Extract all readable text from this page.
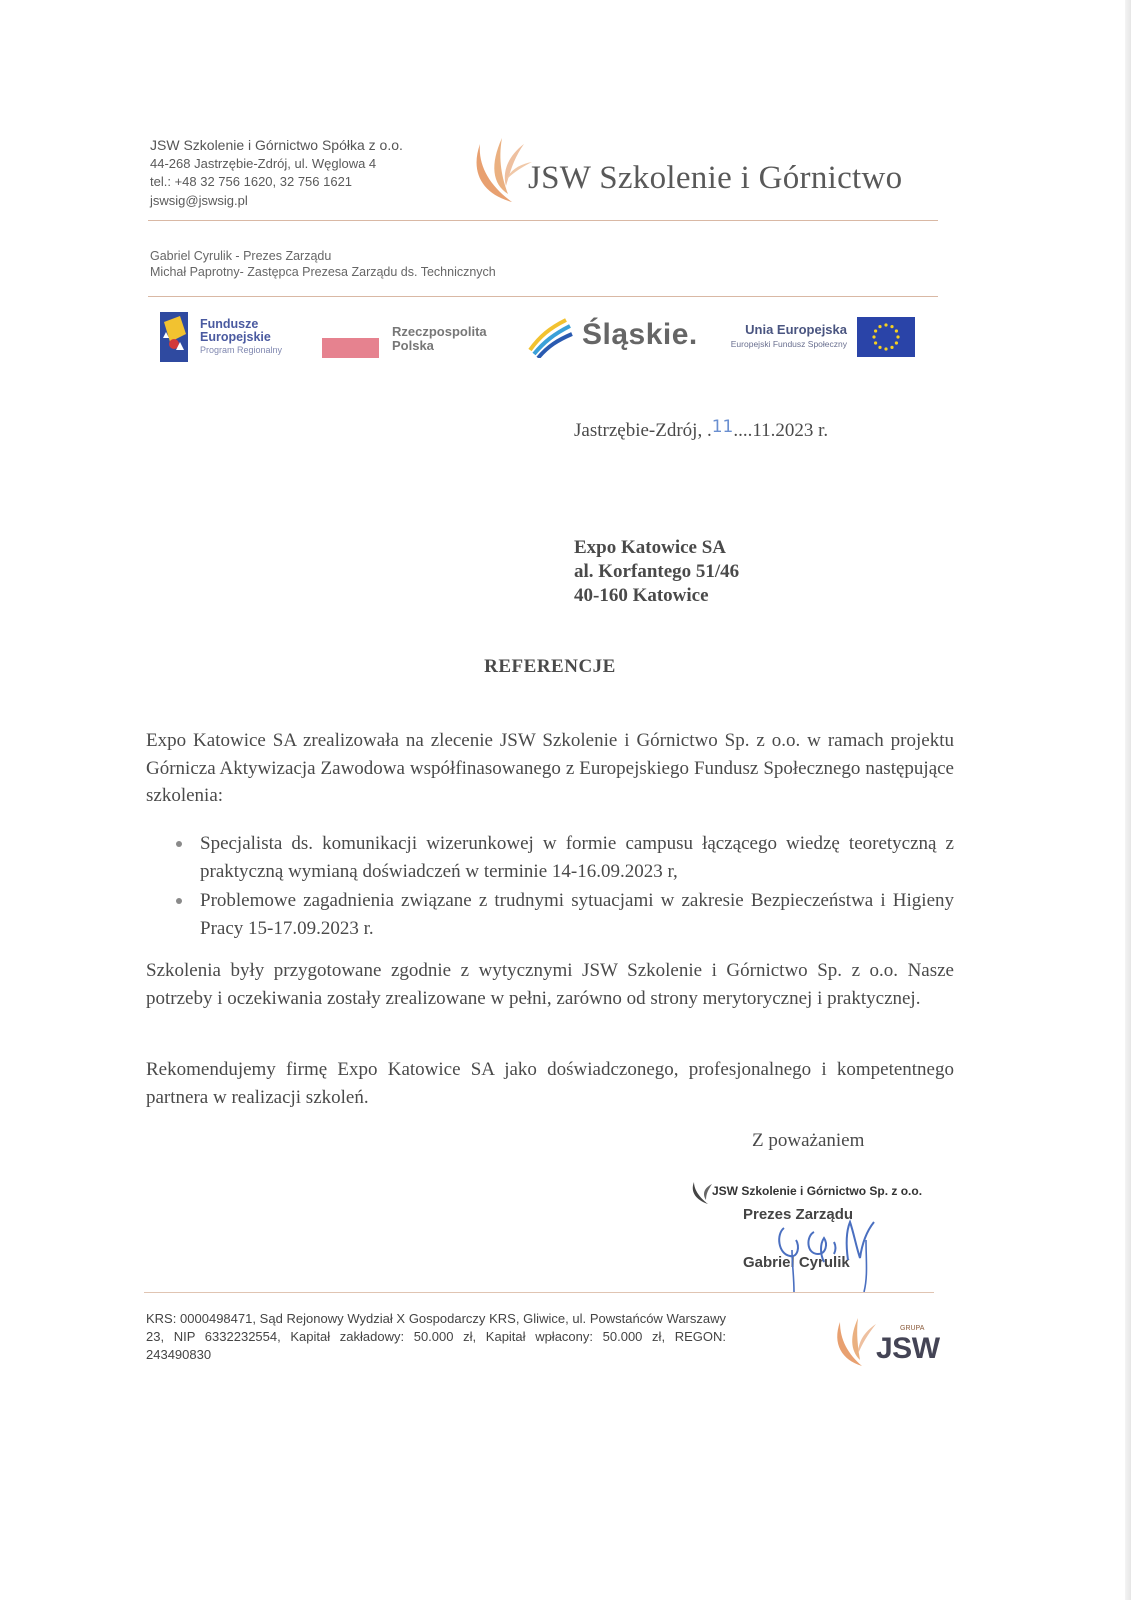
JSW Szkolenie i Górnictwo Spółka z o.o.
44-268 Jastrzębie-Zdrój, ul. Węglowa 4
tel.: +48 32 756 1620, 32 756 1621
jswsig@jswsig.pl
JSW Szkolenie i Górnictwo
Gabriel Cyrulik - Prezes Zarządu
Michał Paprotny- Zastępca Prezesa Zarządu ds. Technicznych
Fundusze
Europejskie
Program Regionalny
Rzeczpospolita
Polska	Śląskie.	Unia Europejska
Europejski Fundusz Społeczny
Jastrzębie-Zdrój, .11....11.2023 r.
Expo Katowice SA
al. Korfantego 51/46
40-160 Katowice
REFERENCJE
Expo Katowice SA zrealizowała na zlecenie JSW Szkolenie i Górnictwo Sp. z o.o. w ramach projektu Górnicza Aktywizacja Zawodowa współfinasowanego z Europejskiego Fundusz Społecznego następujące szkolenia:
Specjalista ds. komunikacji wizerunkowej w formie campusu łączącego wiedzę teoretyczną z praktyczną wymianą doświadczeń w terminie 14-16.09.2023 r,
Problemowe zagadnienia związane z trudnymi sytuacjami w zakresie Bezpieczeństwa i Higieny Pracy 15-17.09.2023 r.
Szkolenia były przygotowane zgodnie z wytycznymi JSW Szkolenie i Górnictwo Sp. z o.o. Nasze potrzeby i oczekiwania zostały zrealizowane w pełni, zarówno od strony merytorycznej i praktycznej.
Rekomendujemy firmę Expo Katowice SA jako doświadczonego, profesjonalnego i kompetentnego partnera w realizacji szkoleń.
Z poważaniem
JSW Szkolenie i Górnictwo Sp. z o.o.
Prezes Zarządu
Gabriel Cyrulik
KRS: 0000498471, Sąd Rejonowy Wydział X Gospodarczy KRS, Gliwice, ul. Powstańców Warszawy 23, NIP 6332232554, Kapitał zakładowy: 50.000 zł, Kapitał wpłacony: 50.000 zł, REGON: 243490830
GRUPA
JSW
